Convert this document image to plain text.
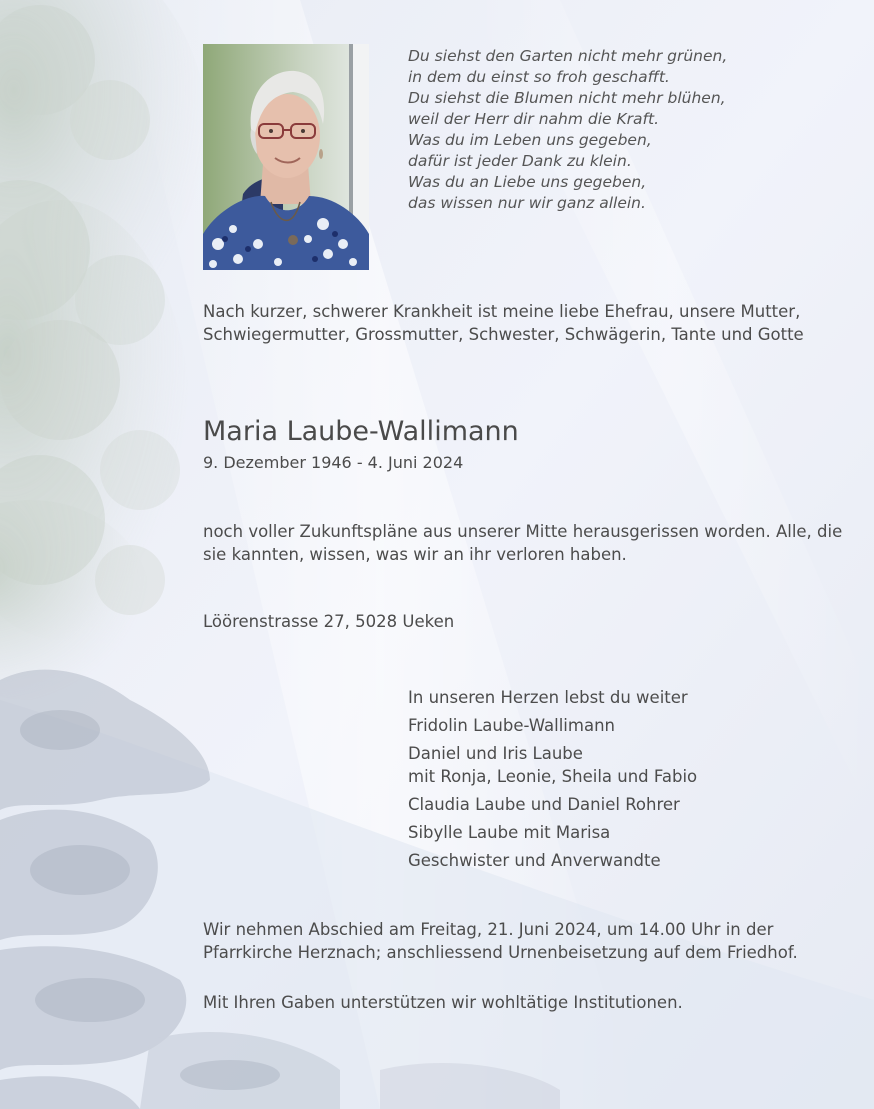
Du siehst den Garten nicht mehr grünen,
in dem du einst so froh geschafft.
Du siehst die Blumen nicht mehr blühen,
weil der Herr dir nahm die Kraft.
Was du im Leben uns gegeben,
dafür ist jeder Dank zu klein.
Was du an Liebe uns gegeben,
das wissen nur wir ganz allein.
Nach kurzer, schwerer Krankheit ist meine liebe Ehefrau, unsere Mutter, Schwiegermutter, Grossmutter, Schwester, Schwägerin, Tante und Gotte
Maria Laube-Wallimann
9. Dezember 1946 - 4. Juni 2024
noch voller Zukunftspläne aus unserer Mitte herausgerissen worden. Alle, die sie kannten, wissen, was wir an ihr verloren haben.
Löörenstrasse 27, 5028 Ueken
In unseren Herzen lebst du weiter
Fridolin Laube-Wallimann
Daniel und Iris Laube
mit Ronja, Leonie, Sheila und Fabio
Claudia Laube und Daniel Rohrer
Sibylle Laube mit Marisa
Geschwister und Anverwandte
Wir nehmen Abschied am Freitag, 21. Juni 2024, um 14.00 Uhr in der Pfarrkirche Herznach; anschliessend Urnenbeisetzung auf dem Friedhof.
Mit Ihren Gaben unterstützen wir wohltätige Institutionen.
